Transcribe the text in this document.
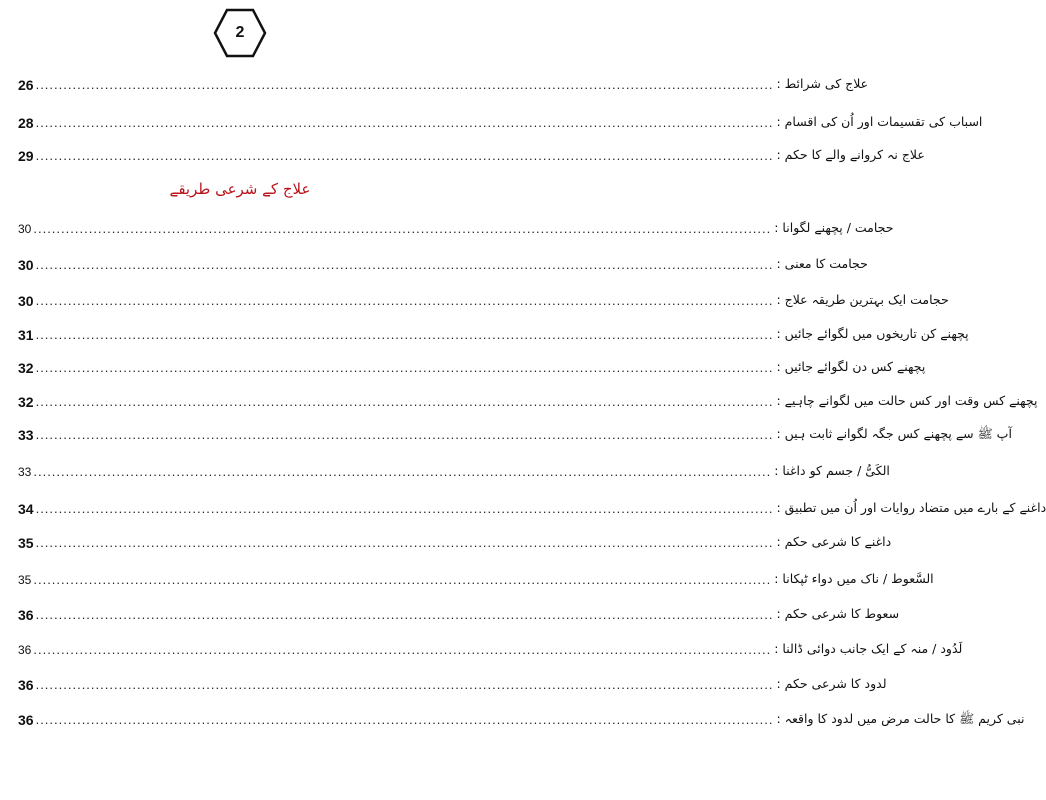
2
علاج کے شرعی طریقے
26 ................................................................................................................................................................ علاج کی شرائط :
28 ................................................................................................................................................................ اسباب کی تقسیمات اور اُن کی اقسام :
29 ................................................................................................................................................................ علاج نہ کروانے والے کا حکم :
30 ................................................................................................................................................................ حجامت / پچھنے لگوانا :
30 ................................................................................................................................................................ حجامت کا معنی :
30 ................................................................................................................................................................ حجامت ایک بہترین طریقہ علاج :
31 ................................................................................................................................................................ پچھنے کن تاریخوں میں لگوائے جائیں :
32 ................................................................................................................................................................ پچھنے کس دن لگوائے جائیں :
32 ................................................................................................................................................................ پچھنے کس وقت اور کس حالت میں لگوانے چاہیے :
33 ................................................................................................................................................................ آپ ﷺ سے پچھنے کس جگہ لگوانے ثابت ہیں :
33 ................................................................................................................................................................ الکَیُّ / جسم کو داغنا :
34 ................................................................................................................................................................ داغنے کے بارے میں متضاد روایات اور اُن میں تطبیق :
35 ................................................................................................................................................................ داغنے کا شرعی حکم :
35 ................................................................................................................................................................ السَّعوط / ناک میں دواء ٹپکانا :
36 ................................................................................................................................................................ سعوط کا شرعی حکم :
36 ................................................................................................................................................................ لَدُود / منہ کے ایک جانب دوائی ڈالنا :
36 ................................................................................................................................................................ لدود کا شرعی حکم :
36 ................................................................................................................................................................ نبی کریم ﷺ کا حالت مرض میں لدود کا واقعہ :
